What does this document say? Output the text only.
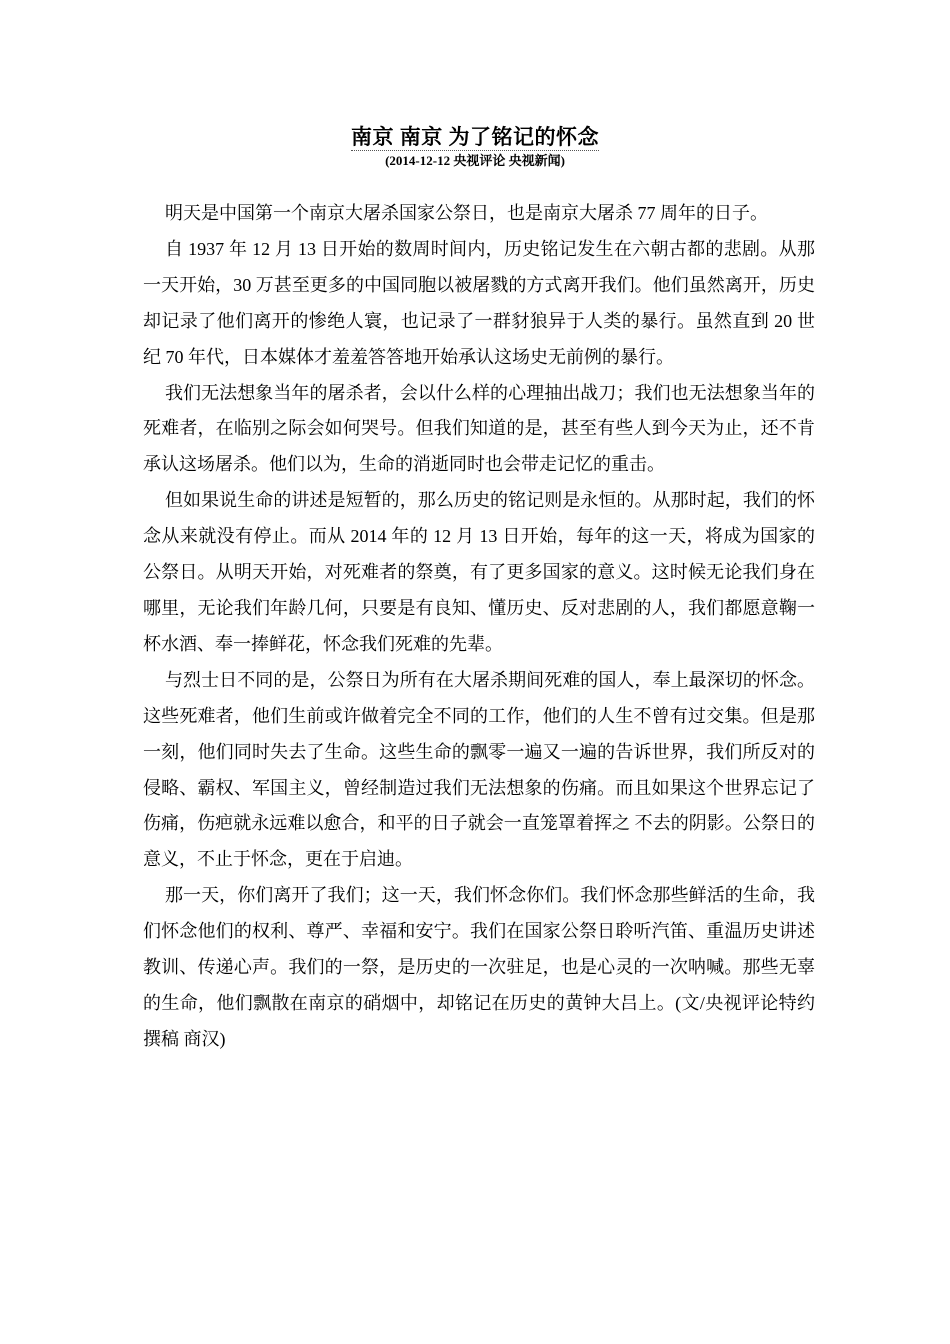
南京 南京 为了铭记的怀念
(2014-12-12 央视评论 央视新闻)

明天是中国第一个南京大屠杀国家公祭日，也是南京大屠杀 77 周年的日子。

自 1937 年 12 月 13 日开始的数周时间内，历史铭记发生在六朝古都的悲剧。从那一天开始，30 万甚至更多的中国同胞以被屠戮的方式离开我们。他们虽然离开，历史却记录了他们离开的惨绝人寰，也记录了一群豺狼异于人类的暴行。虽然直到 20 世纪 70 年代，日本媒体才羞羞答答地开始承认这场史无前例的暴行。

我们无法想象当年的屠杀者，会以什么样的心理抽出战刀；我们也无法想象当年的死难者，在临别之际会如何哭号。但我们知道的是，甚至有些人到今天为止，还不肯承认这场屠杀。他们以为，生命的消逝同时也会带走记忆的重击。

但如果说生命的讲述是短暂的，那么历史的铭记则是永恒的。从那时起，我们的怀念从来就没有停止。而从 2014 年的 12 月 13 日开始，每年的这一天，将成为国家的公祭日。从明天开始，对死难者的祭奠，有了更多国家的意义。这时候无论我们身在哪里，无论我们年龄几何，只要是有良知、懂历史、反对悲剧的人，我们都愿意鞠一杯水酒、奉一捧鲜花，怀念我们死难的先辈。

与烈士日不同的是，公祭日为所有在大屠杀期间死难的国人，奉上最深切的怀念。这些死难者，他们生前或许做着完全不同的工作，他们的人生不曾有过交集。但是那一刻，他们同时失去了生命。这些生命的飘零一遍又一遍的告诉世界，我们所反对的侵略、霸权、军国主义，曾经制造过我们无法想象的伤痛。而且如果这个世界忘记了伤痛，伤疤就永远难以愈合，和平的日子就会一直笼罩着挥之 不去的阴影。公祭日的意义，不止于怀念，更在于启迪。

那一天，你们离开了我们；这一天，我们怀念你们。我们怀念那些鲜活的生命，我们怀念他们的权利、尊严、幸福和安宁。我们在国家公祭日聆听汽笛、重温历史讲述教训、传递心声。我们的一祭，是历史的一次驻足，也是心灵的一次呐喊。那些无辜的生命，他们飘散在南京的硝烟中，却铭记在历史的黄钟大吕上。(文/央视评论特约撰稿 商汉)
